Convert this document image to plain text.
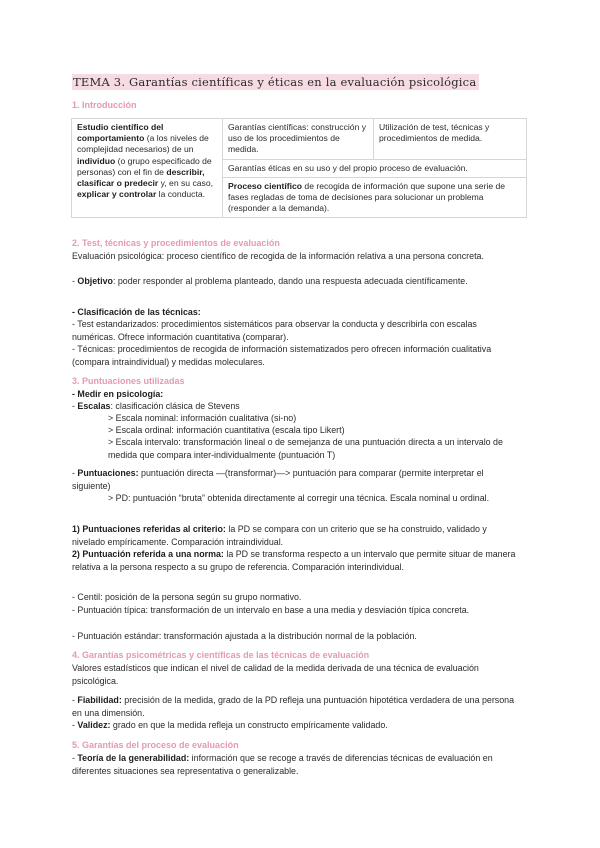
TEMA 3. Garantías científicas y éticas en la evaluación psicológica
1. Introducción
Estudio científico del comportamiento (a los niveles de complejidad necesarios) de un individuo (o grupo especificado de personas) con el fin de describir, clasificar o predecir y, en su caso, explicar y controlar la conducta.	Garantías científicas: construcción y uso de los procedimientos de medida.	Utilización de test, técnicas y procedimientos de medida.
Garantías éticas en su uso y del propio proceso de evaluación.
Proceso científico de recogida de información que supone una serie de fases regladas de toma de decisiones para solucionar un problema (responder a la demanda).
2. Test, técnicas y procedimientos de evaluación
Evaluación psicológica: proceso científico de recogida de la información relativa a una persona concreta.
- Objetivo: poder responder al problema planteado, dando una respuesta adecuada científicamente.
- Clasificación de las técnicas:
- Test estandarizados: procedimientos sistemáticos para observar la conducta y describirla con escalas numéricas. Ofrece información cuantitativa (comparar).
- Técnicas: procedimientos de recogida de información sistematizados pero ofrecen información cualitativa (compara intraindividual) y medidas moleculares.
3. Puntuaciones utilizadas
- Medir en psicología:
- Escalas: clasificación clásica de Stevens
> Escala nominal: información cualitativa (si-no)
> Escala ordinal: información cuantitativa (escala tipo Likert)
> Escala intervalo: transformación lineal o de semejanza de una puntuación directa a un intervalo de medida que compara inter-individualmente (puntuación T)
- Puntuaciones: puntuación directa —(transformar)—> puntuación para comparar (permite interpretar el siguiente)
> PD: puntuación “bruta” obtenida directamente al corregir una técnica. Escala nominal u ordinal.
1) Puntuaciones referidas al criterio: la PD se compara con un criterio que se ha construido, validado y nivelado empíricamente. Comparación intraindividual.
2) Puntuación referida a una norma: la PD se transforma respecto a un intervalo que permite situar de manera relativa a la persona respecto a su grupo de referencia. Comparación interindividual.
- Centil: posición de la persona según su grupo normativo.
- Puntuación típica: transformación de un intervalo en base a una media y desviación típica concreta.
- Puntuación estándar: transformación ajustada a la distribución normal de la población.
4. Garantías psicométricas y científicas de las técnicas de evaluación
Valores estadísticos que indican el nivel de calidad de la medida derivada de una técnica de evaluación psicológica.
- Fiabilidad: precisión de la medida, grado de la PD refleja una puntuación hipotética verdadera de una persona en una dimensión.
- Validez: grado en que la medida refleja un constructo empíricamente validado.
5. Garantías del proceso de evaluación
- Teoría de la generabilidad: información que se recoge a través de diferencias técnicas de evaluación en diferentes situaciones sea representativa o generalizable.
